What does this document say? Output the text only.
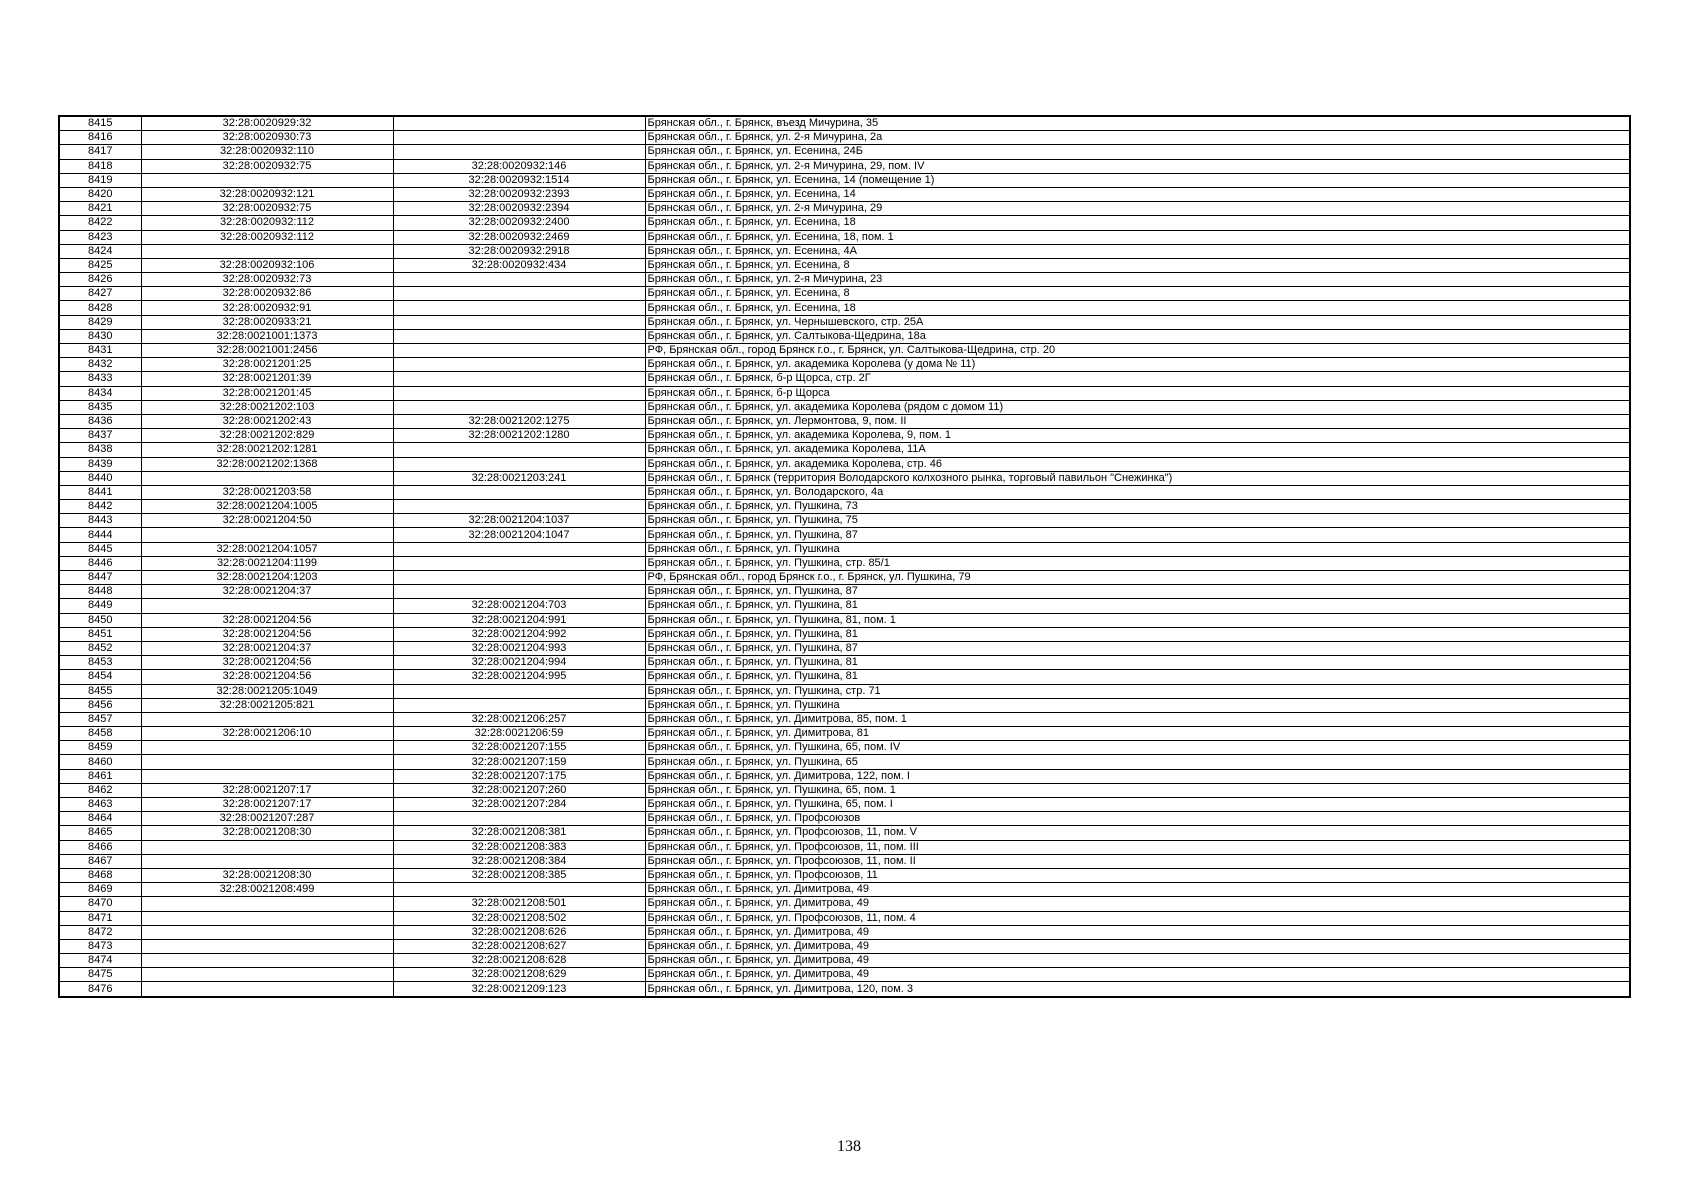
8415	32:28:0020929:32		Брянская обл., г. Брянск, въезд Мичурина, 35
8416	32:28:0020930:73		Брянская обл., г. Брянск, ул. 2-я Мичурина, 2а
8417	32:28:0020932:110		Брянская обл., г. Брянск, ул. Есенина, 24Б
8418	32:28:0020932:75	32:28:0020932:146	Брянская обл., г. Брянск, ул. 2-я Мичурина, 29, пом. IV
8419		32:28:0020932:1514	Брянская обл., г. Брянск, ул. Есенина, 14 (помещение 1)
8420	32:28:0020932:121	32:28:0020932:2393	Брянская обл., г. Брянск, ул. Есенина, 14
8421	32:28:0020932:75	32:28:0020932:2394	Брянская обл., г. Брянск, ул. 2-я Мичурина, 29
8422	32:28:0020932:112	32:28:0020932:2400	Брянская обл., г. Брянск, ул. Есенина, 18
8423	32:28:0020932:112	32:28:0020932:2469	Брянская обл., г. Брянск, ул. Есенина, 18, пом. 1
8424		32:28:0020932:2918	Брянская обл., г. Брянск, ул. Есенина, 4А
8425	32:28:0020932:106	32:28:0020932:434	Брянская обл., г. Брянск, ул. Есенина, 8
8426	32:28:0020932:73		Брянская обл., г. Брянск, ул. 2-я Мичурина, 23
8427	32:28:0020932:86		Брянская обл., г. Брянск, ул. Есенина, 8
8428	32:28:0020932:91		Брянская обл., г. Брянск, ул. Есенина, 18
8429	32:28:0020933:21		Брянская обл., г. Брянск, ул. Чернышевского, стр. 25А
8430	32:28:0021001:1373		Брянская обл., г. Брянск, ул. Салтыкова-Щедрина, 18а
8431	32:28:0021001:2456		РФ, Брянская обл., город Брянск г.о., г. Брянск, ул. Салтыкова-Щедрина, стр. 20
8432	32:28:0021201:25		Брянская обл., г. Брянск, ул. академика Королева (у дома № 11)
8433	32:28:0021201:39		Брянская обл., г. Брянск, б-р Щорса, стр. 2Г
8434	32:28:0021201:45		Брянская обл., г. Брянск, б-р Щорса
8435	32:28:0021202:103		Брянская обл., г. Брянск, ул. академика Королева (рядом с домом 11)
8436	32:28:0021202:43	32:28:0021202:1275	Брянская обл., г. Брянск, ул. Лермонтова, 9, пом. II
8437	32:28:0021202:829	32:28:0021202:1280	Брянская обл., г. Брянск, ул. академика Королева, 9, пом. 1
8438	32:28:0021202:1281		Брянская обл., г. Брянск, ул. академика Королева, 11А
8439	32:28:0021202:1368		Брянская обл., г. Брянск, ул. академика Королева, стр. 46
8440		32:28:0021203:241	Брянская обл., г. Брянск (территория Володарского колхозного рынка, торговый павильон "Снежинка")
8441	32:28:0021203:58		Брянская обл., г. Брянск, ул. Володарского, 4а
8442	32:28:0021204:1005		Брянская обл., г. Брянск, ул. Пушкина, 73
8443	32:28:0021204:50	32:28:0021204:1037	Брянская обл., г. Брянск, ул. Пушкина, 75
8444		32:28:0021204:1047	Брянская обл., г. Брянск, ул. Пушкина, 87
8445	32:28:0021204:1057		Брянская обл., г. Брянск, ул. Пушкина
8446	32:28:0021204:1199		Брянская обл., г. Брянск, ул. Пушкина, стр. 85/1
8447	32:28:0021204:1203		РФ, Брянская обл., город Брянск г.о., г. Брянск, ул. Пушкина, 79
8448	32:28:0021204:37		Брянская обл., г. Брянск, ул. Пушкина, 87
8449		32:28:0021204:703	Брянская обл., г. Брянск, ул. Пушкина, 81
8450	32:28:0021204:56	32:28:0021204:991	Брянская обл., г. Брянск, ул. Пушкина, 81, пом. 1
8451	32:28:0021204:56	32:28:0021204:992	Брянская обл., г. Брянск, ул. Пушкина, 81
8452	32:28:0021204:37	32:28:0021204:993	Брянская обл., г. Брянск, ул. Пушкина, 87
8453	32:28:0021204:56	32:28:0021204:994	Брянская обл., г. Брянск, ул. Пушкина, 81
8454	32:28:0021204:56	32:28:0021204:995	Брянская обл., г. Брянск, ул. Пушкина, 81
8455	32:28:0021205:1049		Брянская обл., г. Брянск, ул. Пушкина, стр. 71
8456	32:28:0021205:821		Брянская обл., г. Брянск, ул. Пушкина
8457		32:28:0021206:257	Брянская обл., г. Брянск, ул. Димитрова, 85, пом. 1
8458	32:28:0021206:10	32:28:0021206:59	Брянская обл., г. Брянск, ул. Димитрова, 81
8459		32:28:0021207:155	Брянская обл., г. Брянск, ул. Пушкина, 65, пом. IV
8460		32:28:0021207:159	Брянская обл., г. Брянск, ул. Пушкина, 65
8461		32:28:0021207:175	Брянская обл., г. Брянск, ул. Димитрова, 122, пом. I
8462	32:28:0021207:17	32:28:0021207:260	Брянская обл., г. Брянск, ул. Пушкина, 65, пом. 1
8463	32:28:0021207:17	32:28:0021207:284	Брянская обл., г. Брянск, ул. Пушкина, 65, пом. I
8464	32:28:0021207:287		Брянская обл., г. Брянск, ул. Профсоюзов
8465	32:28:0021208:30	32:28:0021208:381	Брянская обл., г. Брянск, ул. Профсоюзов, 11, пом. V
8466		32:28:0021208:383	Брянская обл., г. Брянск, ул. Профсоюзов, 11, пом. III
8467		32:28:0021208:384	Брянская обл., г. Брянск, ул. Профсоюзов, 11, пом. II
8468	32:28:0021208:30	32:28:0021208:385	Брянская обл., г. Брянск, ул. Профсоюзов, 11
8469	32:28:0021208:499		Брянская обл., г. Брянск, ул. Димитрова, 49
8470		32:28:0021208:501	Брянская обл., г. Брянск, ул. Димитрова, 49
8471		32:28:0021208:502	Брянская обл., г. Брянск, ул. Профсоюзов, 11, пом. 4
8472		32:28:0021208:626	Брянская обл., г. Брянск, ул. Димитрова, 49
8473		32:28:0021208:627	Брянская обл., г. Брянск, ул. Димитрова, 49
8474		32:28:0021208:628	Брянская обл., г. Брянск, ул. Димитрова, 49
8475		32:28:0021208:629	Брянская обл., г. Брянск, ул. Димитрова, 49
8476		32:28:0021209:123	Брянская обл., г. Брянск, ул. Димитрова, 120, пом. 3
138
